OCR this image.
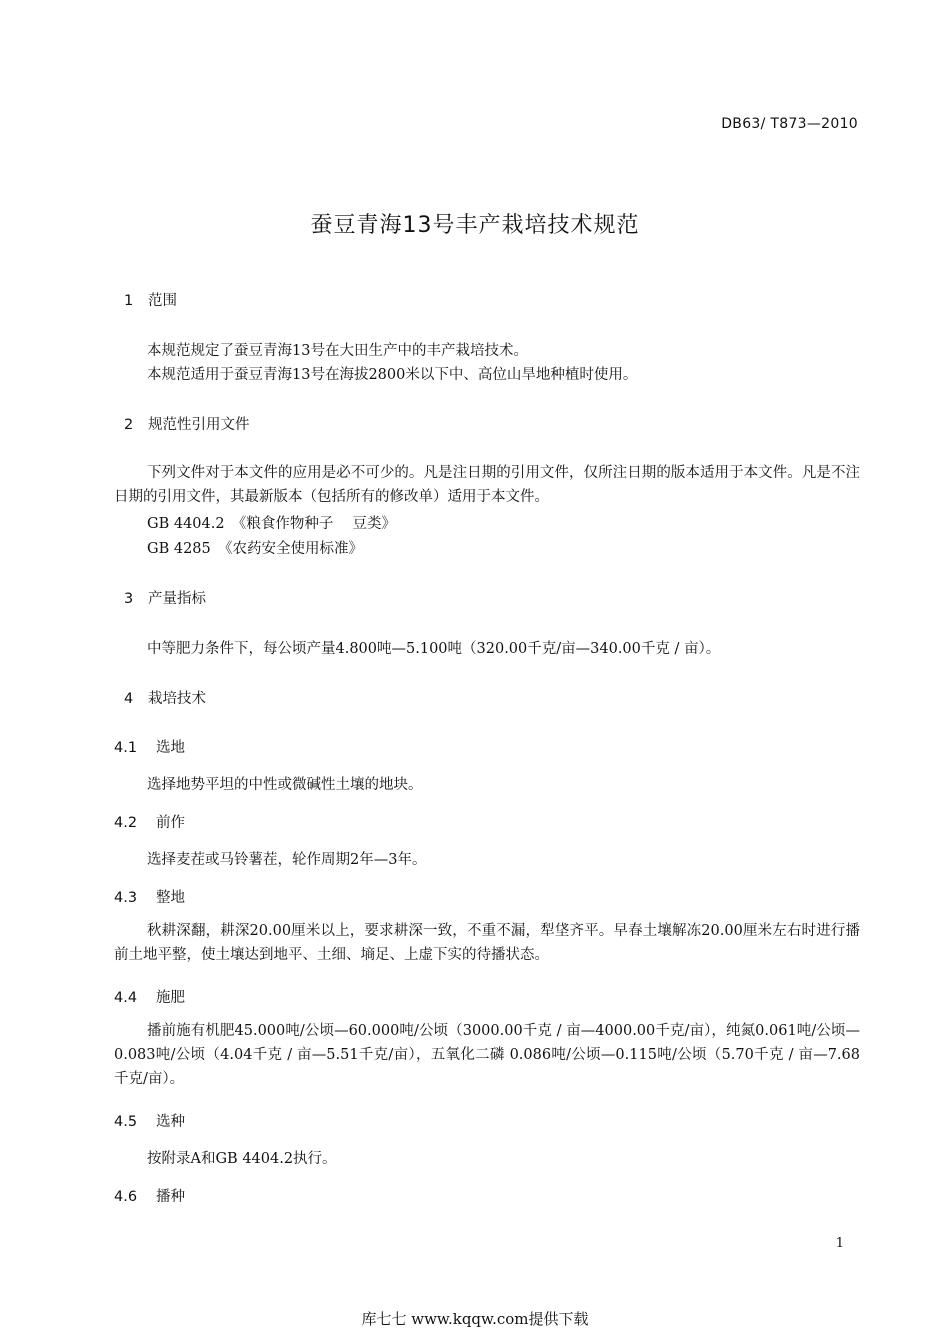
DB63/ T873—2010
蚕豆青海13号丰产栽培技术规范
1 范围
本规范规定了蚕豆青海13号在大田生产中的丰产栽培技术。
本规范适用于蚕豆青海13号在海拔2800米以下中、高位山旱地种植时使用。
2 规范性引用文件

下列文件对于本文件的应用是必不可少的。凡是注日期的引用文件，仅所注日期的版本适用于本文件。凡是不注日期的引用文件，其最新版本（包括所有的修改单）适用于本文件。

GB 4404.2　《粮食作物种子　 豆类》
GB 4285　《农药安全使用标准》
3 产量指标
中等肥力条件下，每公顷产量4.800吨—5.100吨（320.00千克/亩—340.00千克 / 亩）。
4 栽培技术
4.1 选地
选择地势平坦的中性或微碱性土壤的地块。
4.2 前作
选择麦茬或马铃薯茬，轮作周期2年—3年。
4.3 整地

秋耕深翻，耕深20.00厘米以上，要求耕深一致，不重不漏，犁垡齐平。早春土壤解冻20.00厘米左右时进行播前土地平整，使土壤达到地平、土细、墒足、上虚下实的待播状态。

4.4 施肥

播前施有机肥45.000吨/公顷—60.000吨/公顷（3000.00千克 / 亩—4000.00千克/亩），纯氮0.061吨/公顷—0.083吨/公顷（4.04千克 / 亩—5.51千克/亩），五氧化二磷 0.086吨/公顷—0.115吨/公顷（5.70千克 / 亩—7.68千克/亩）。

4.5 选种
按附录A和GB 4404.2执行。
4.6 播种
1
库七七 www.kqqw.com提供下载
